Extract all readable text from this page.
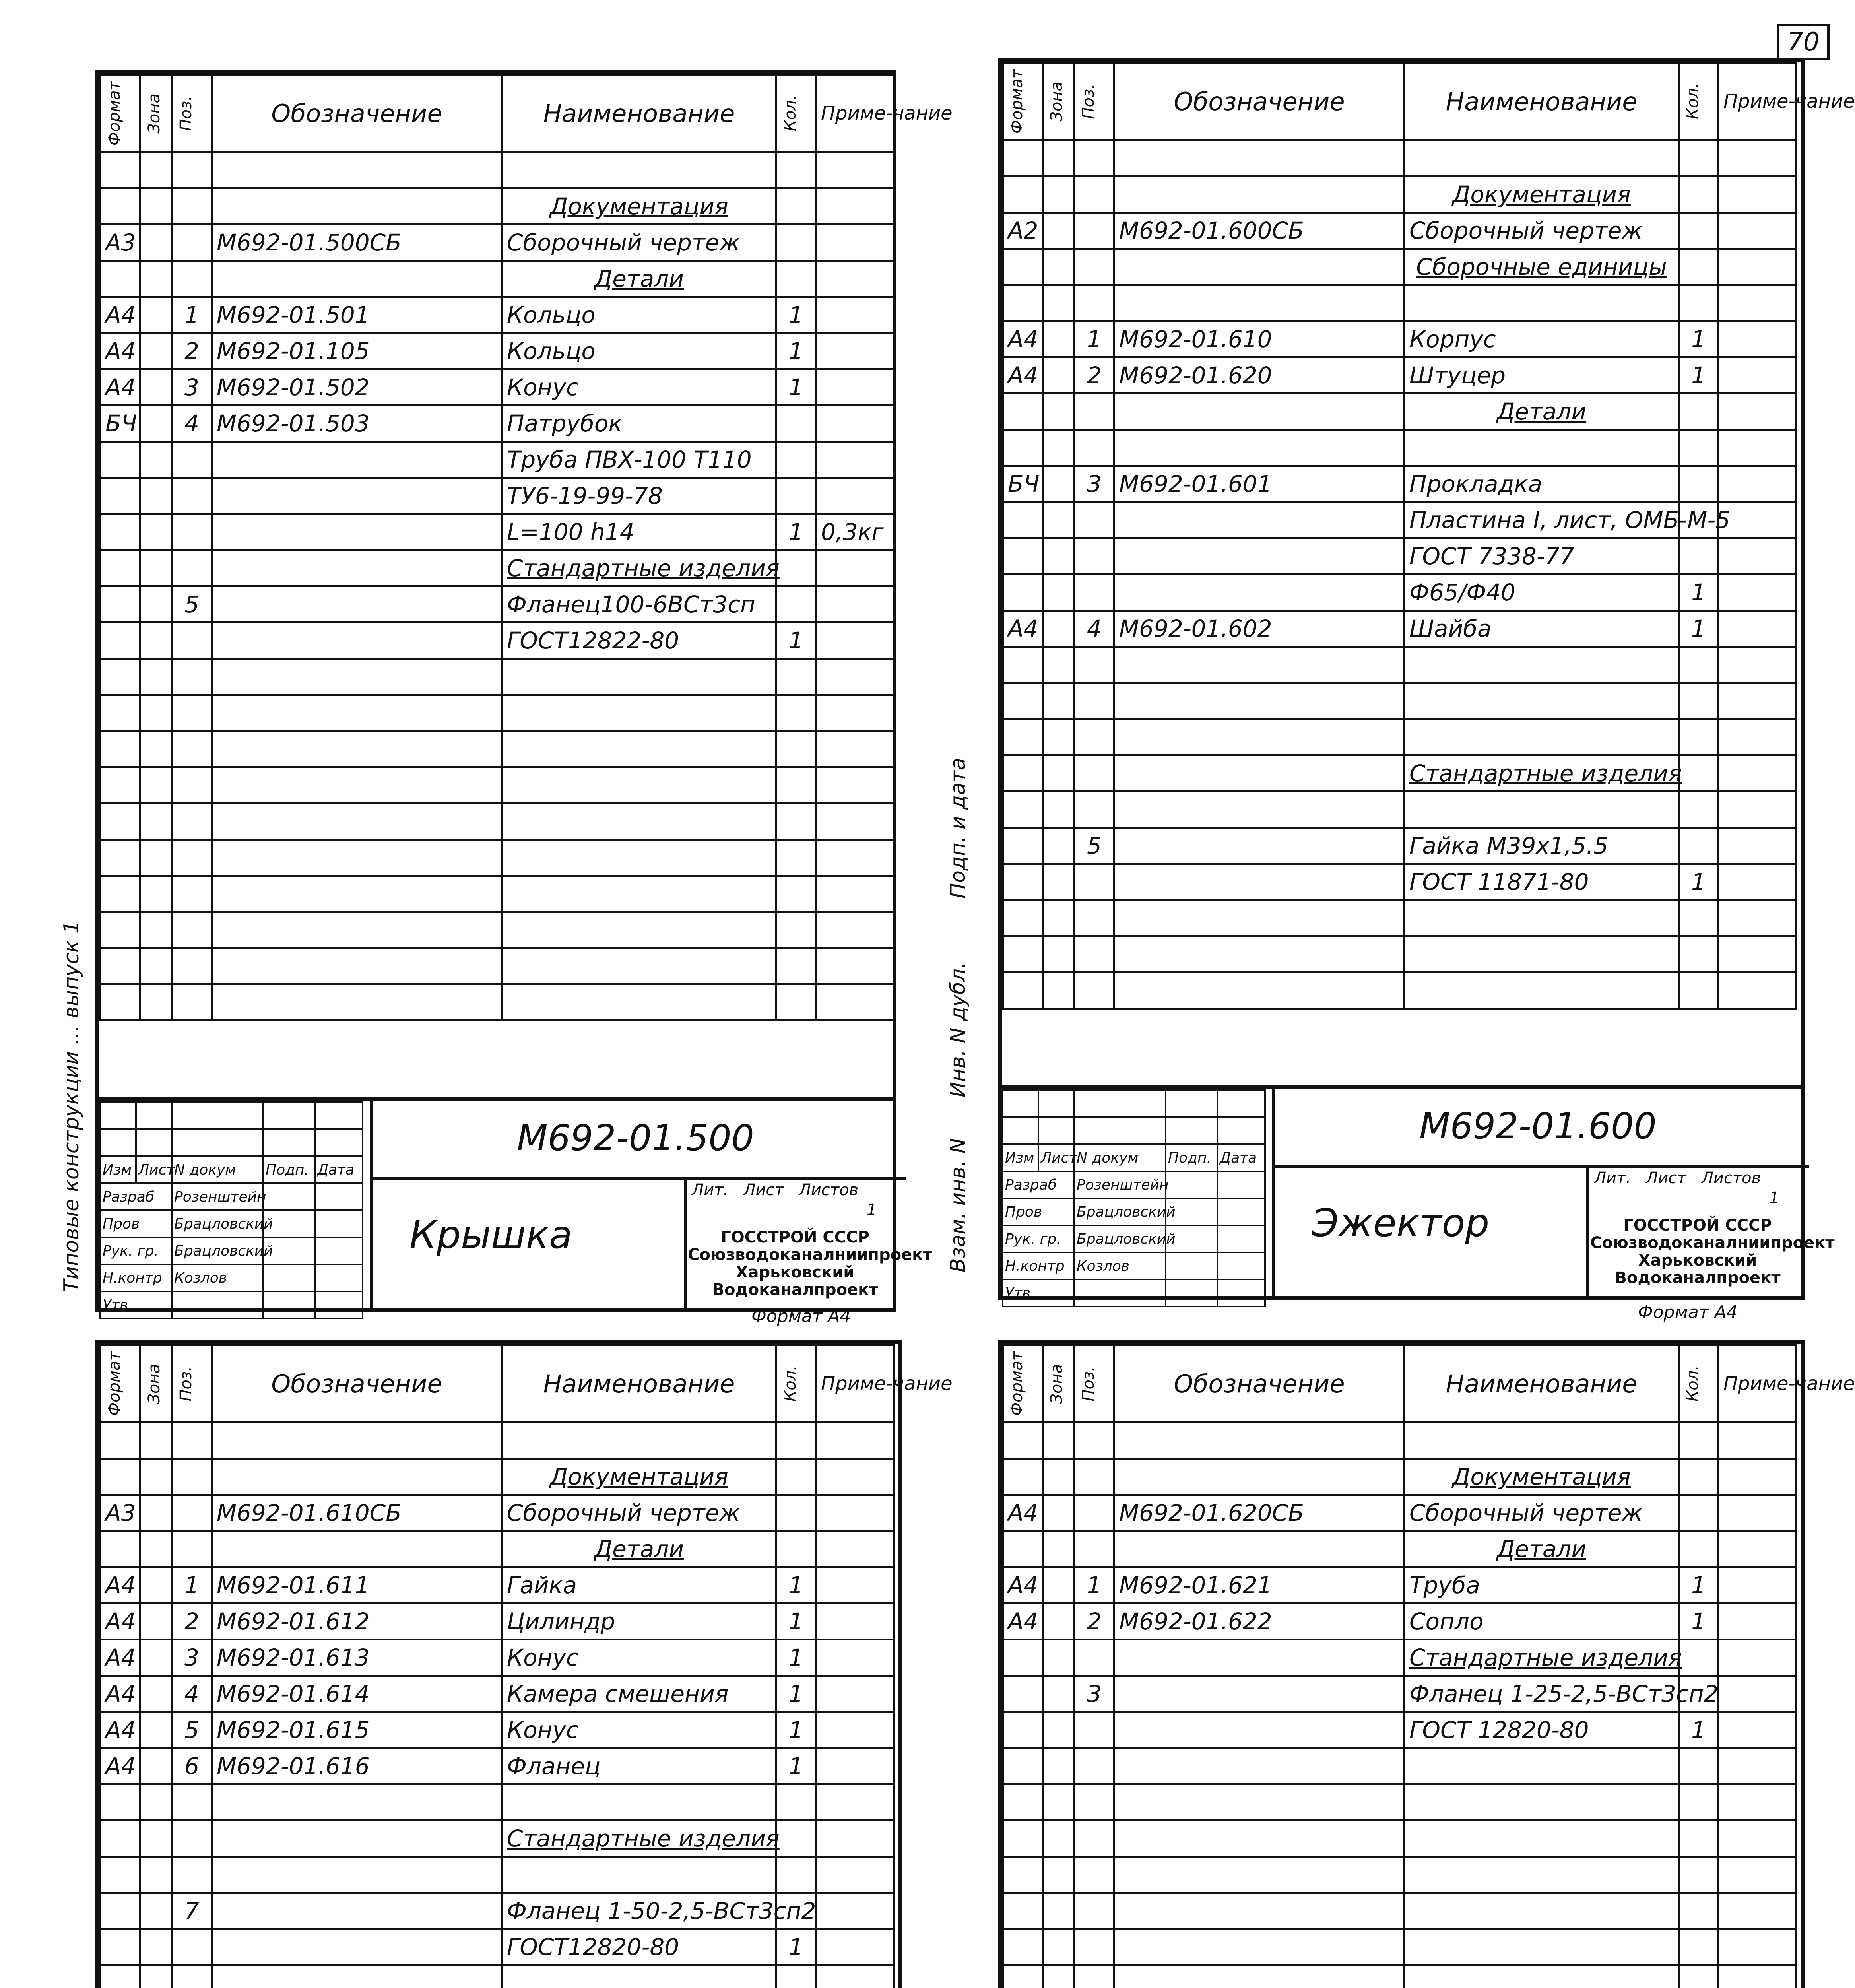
70
Типовые конструкции ... выпуск 1
Формат	Зона	Поз.	Обозначение	Наименование	Кол.	Приме-чание

				Документация		
А3			М692-01.500СБ	Сборочный чертеж		
				Детали		
А4		1	М692-01.501	Кольцо	1	
А4		2	М692-01.105	Кольцо	1	
А4		3	М692-01.502	Конус	1	
БЧ		4	М692-01.503	Патрубок		
				Труба ПВХ-100 Т110		
				ТУ6-19-99-78		
				L=100 h14	1	0,3кг
				Стандартные изделия		
		5		Фланец100-6ВСт3сп		
				ГОСТ12822-80	1	

Изм	Лист	N докум	Подп.	Дата
Разраб		Розенштейн		
Пров		Брацловский		
Рук. гр.		Брацловский		
Н.контр		Козлов		
Утв.				
М692-01.500
Крышка
Лит. Лист Листов
1
ГОССТРОЙ СССР
Союзводоканалниипроект
Харьковский
Водоканалпроект
Формат А4
Формат	Зона	Поз.	Обозначение	Наименование	Кол.	Приме-чание

				Документация		
А2			М692-01.600СБ	Сборочный чертеж		
				Сборочные единицы		

А4		1	М692-01.610	Корпус	1	
А4		2	М692-01.620	Штуцер	1	
				Детали		

БЧ		3	М692-01.601	Прокладка		
				Пластина I, лист, ОМБ-М-5		
				ГОСТ 7338-77		
				Ф65/Ф40	1	
А4		4	М692-01.602	Шайба	1	

				Стандартные изделия		

		5		Гайка М39х1,5.5		
				ГОСТ 11871-80	1	

Изм	Лист	N докум	Подп.	Дата
Разраб		Розенштейн		
Пров		Брацловский		
Рук. гр.		Брацловский		
Н.контр		Козлов		
Утв.				
М692-01.600
Эжектор
Лит. Лист Листов
1
ГОССТРОЙ СССР
Союзводоканалниипроект
Харьковский
Водоканалпроект
Формат А4
Подп. и дата
Инв. N дубл.
Взам. инв. N
Формат	Зона	Поз.	Обозначение	Наименование	Кол.	Приме-чание

				Документация		
А3			М692-01.610СБ	Сборочный чертеж		
				Детали		
А4		1	М692-01.611	Гайка	1	
А4		2	М692-01.612	Цилиндр	1	
А4		3	М692-01.613	Конус	1	
А4		4	М692-01.614	Камера смешения	1	
А4		5	М692-01.615	Конус	1	
А4		6	М692-01.616	Фланец	1	

				Стандартные изделия		

		7		Фланец 1-50-2,5-ВСт3сп2		
				ГОСТ12820-80	1	

Формат	Зона	Поз.	Обозначение	Наименование	Кол.	Приме-чание

				Документация		
А4			М692-01.620СБ	Сборочный чертеж		
				Детали		
А4		1	М692-01.621	Труба	1	
А4		2	М692-01.622	Сопло	1	
				Стандартные изделия		
		3		Фланец 1-25-2,5-ВСт3сп2		
				ГОСТ 12820-80	1	
